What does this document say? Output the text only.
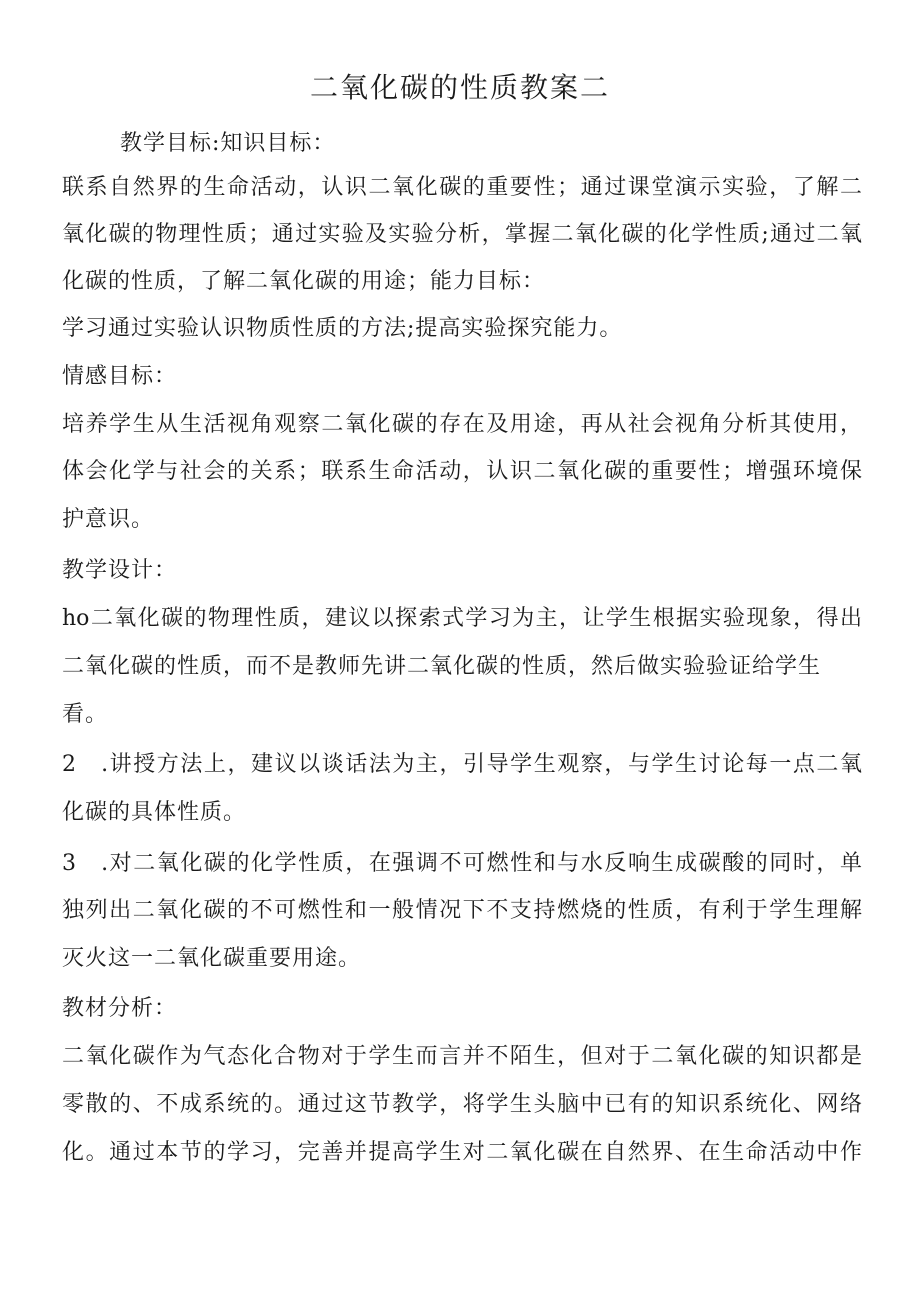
二氧化碳的性质教案二

教学目标:知识目标：

联系自然界的生命活动，认识二氧化碳的重要性；通过课堂演示实验，了解二

氧化碳的物理性质；通过实验及实验分析，掌握二氧化碳的化学性质;通过二氧

化碳的性质，了解二氧化碳的用途；能力目标：

学习通过实验认识物质性质的方法;提高实验探究能力。

情感目标：

培养学生从生活视角观察二氧化碳的存在及用途，再从社会视角分析其使用，

体会化学与社会的关系；联系生命活动，认识二氧化碳的重要性；增强环境保

护意识。

教学设计：

ho二氧化碳的物理性质，建议以探索式学习为主，让学生根据实验现象，得出

二氧化碳的性质，而不是教师先讲二氧化碳的性质，然后做实验验证给学生

看。

2　.讲授方法上，建议以谈话法为主，引导学生观察，与学生讨论每一点二氧

化碳的具体性质。

3　.对二氧化碳的化学性质，在强调不可燃性和与水反响生成碳酸的同时，单

独列出二氧化碳的不可燃性和一般情况下不支持燃烧的性质，有利于学生理解

灭火这一二氧化碳重要用途。

教材分析：

二氧化碳作为气态化合物对于学生而言并不陌生，但对于二氧化碳的知识都是

零散的、不成系统的。通过这节教学，将学生头脑中已有的知识系统化、网络

化。通过本节的学习，完善并提高学生对二氧化碳在自然界、在生命活动中作
